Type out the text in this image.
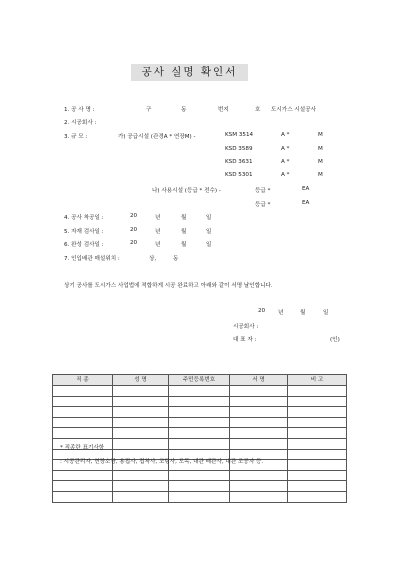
공사 실명 확인서
1. 공 사 명 :	구	동	번지	호 도시가스 시설공사
2. 시공회사 :
3. 규 모 :	가) 공급시설 (관경A * 연장M) -	KSM 3514	A *	M
KSD 3589	A *	M
KSD 3631	A *	M
KSD 5301	A *	M
나) 사용시설 (등급 * 전수) -	등급 *	EA
등급 *	EA
4. 공사 착공일 :	20	년	월	일
5. 자재 검사일 :	20	년	월	일
6. 완성 검사일 :	20	년	월	일
7. 인입배관 매설위치 :	상,	동
상기 공사를 도시가스 사업법에 적합하게 시공 완료하고 아래와 같이 서명 날인합니다.
20 년	월	일
시공회사 :
대 표 자 :	(인)
직 종	성 명	주민등록번호	서 명	비 고

* 직종란 표기사항
: 시공관리자, 현장소장, 용접사, 접착사, 코팅사, 도목, 내관 배관사, 내관 조공자 등.
